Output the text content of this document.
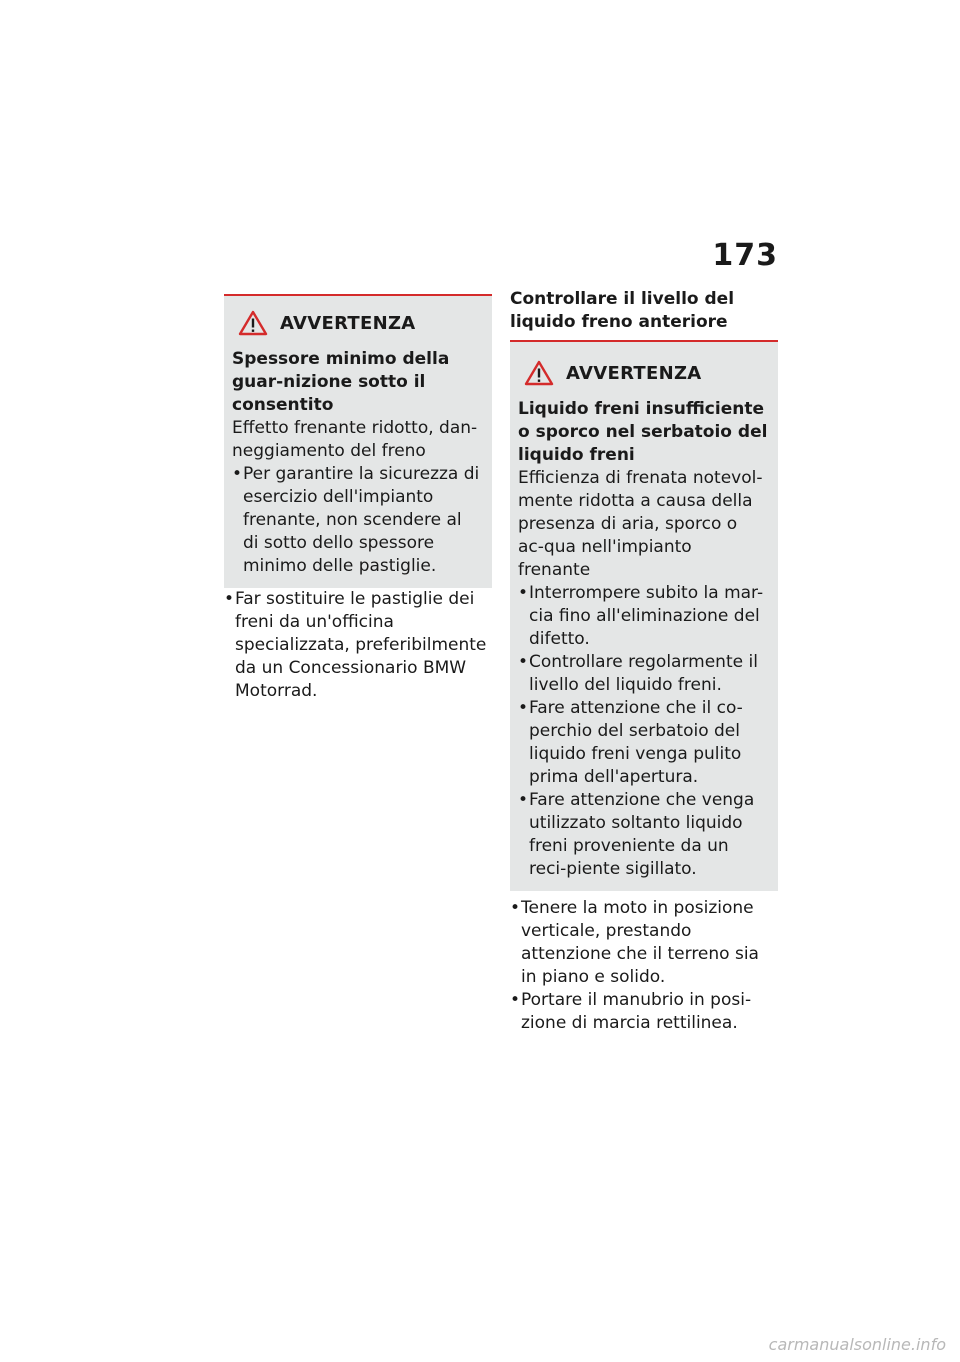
173
AVVERTENZA
Spessore minimo della guar-nizione sotto il consentito
Effetto frenante ridotto, dan-neggiamento del freno
• Per garantire la sicurezza di esercizio dell'impianto frenante, non scendere al di sotto dello spessore minimo delle pastiglie.
• Far sostituire le pastiglie dei freni da un'officina specializzata, preferibilmente da un Concessionario BMW Motorrad.
Controllare il livello del liquido freno anteriore
AVVERTENZA
Liquido freni insufficiente o sporco nel serbatoio del liquido freni
Efficienza di frenata notevol-mente ridotta a causa della presenza di aria, sporco o ac-qua nell'impianto frenante
• Interrompere subito la mar-cia fino all'eliminazione del difetto.
• Controllare regolarmente il livello del liquido freni.
• Fare attenzione che il co-perchio del serbatoio del liquido freni venga pulito prima dell'apertura.
• Fare attenzione che venga utilizzato soltanto liquido freni proveniente da un reci-piente sigillato.
• Tenere la moto in posizione verticale, prestando attenzione che il terreno sia in piano e solido.
• Portare il manubrio in posi-zione di marcia rettilinea.
carmanualsonline.info
